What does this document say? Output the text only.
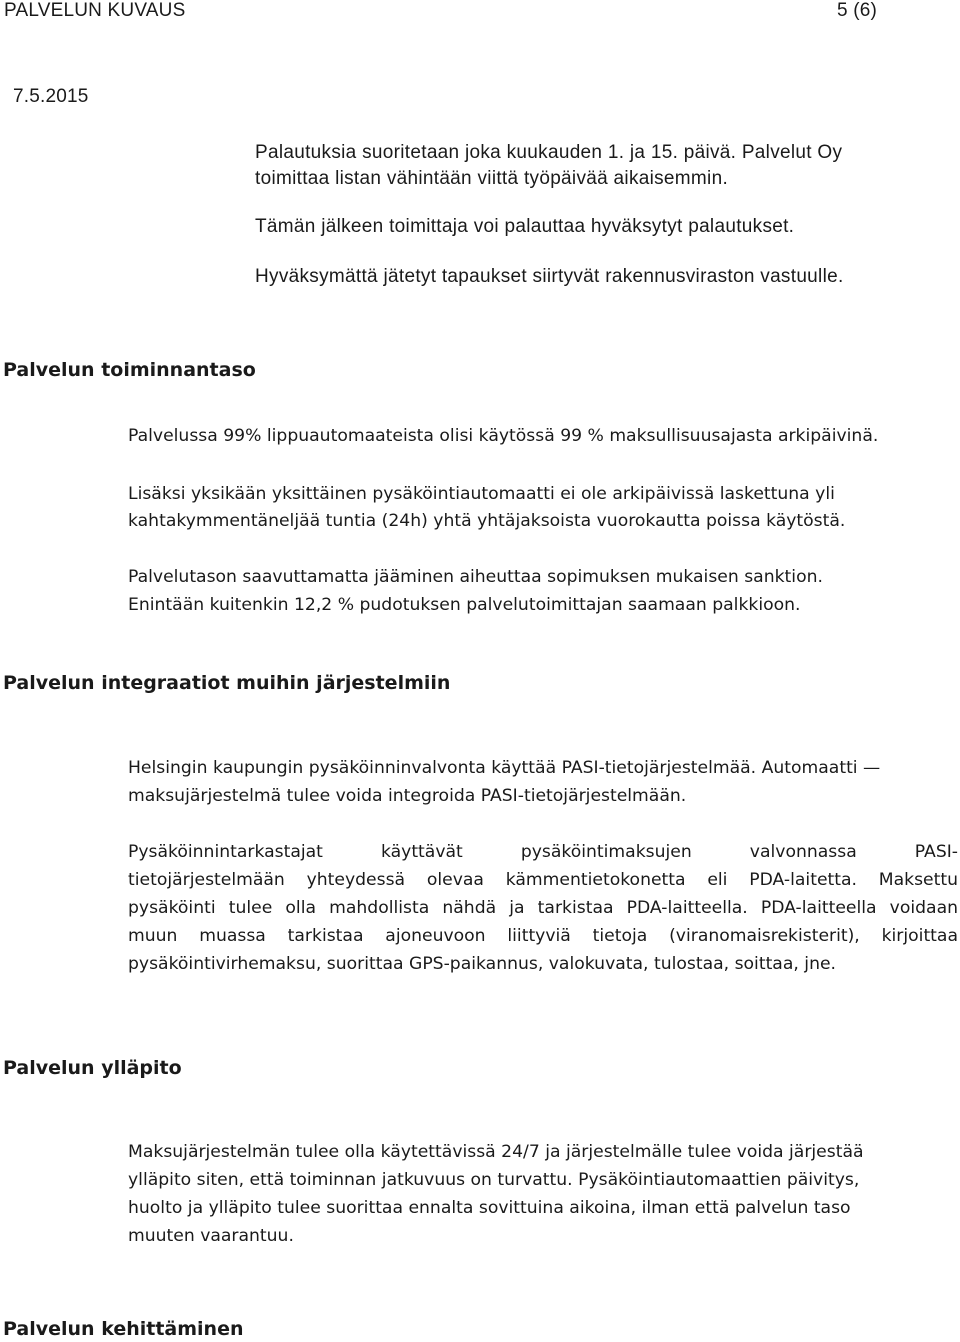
PALVELUN KUVAUS	5 (6)
7.5.2015
Palautuksia suoritetaan joka kuukauden 1. ja 15. päivä. Palvelut Oy
toimittaa listan vähintään viittä työpäivää aikaisemmin.
Tämän jälkeen toimittaja voi palauttaa hyväksytyt palautukset.
Hyväksymättä jätetyt tapaukset siirtyvät rakennusviraston vastuulle.
Palvelun toiminnantaso
Palvelussa 99% lippuautomaateista olisi käytössä 99 % maksullisuusajasta arkipäivinä.
Lisäksi yksikään yksittäinen pysäköintiautomaatti ei ole arkipäivissä laskettuna yli
kahtakymmentäneljää tuntia (24h) yhtä yhtäjaksoista vuorokautta poissa käytöstä.
Palvelutason saavuttamatta jääminen aiheuttaa sopimuksen mukaisen sanktion.
Enintään kuitenkin 12,2 % pudotuksen palvelutoimittajan saamaan palkkioon.
Palvelun integraatiot muihin järjestelmiin
Helsingin kaupungin pysäköinninvalvonta käyttää PASI-tietojärjestelmää. Automaatti —
maksujärjestelmä tulee voida integroida PASI-tietojärjestelmään.
Pysäköinnintarkastajat käyttävät pysäköintimaksujen valvonnassa PASI-
tietojärjestelmään yhteydessä olevaa kämmentietokonetta eli PDA-laitetta. Maksettu
pysäköinti tulee olla mahdollista nähdä ja tarkistaa PDA-laitteella. PDA-laitteella voidaan
muun muassa tarkistaa ajoneuvoon liittyviä tietoja (viranomaisrekisterit), kirjoittaa
pysäköintivirhemaksu, suorittaa GPS-paikannus, valokuvata, tulostaa, soittaa, jne.
Palvelun ylläpito
Maksujärjestelmän tulee olla käytettävissä 24/7 ja järjestelmälle tulee voida järjestää
ylläpito siten, että toiminnan jatkuvuus on turvattu. Pysäköintiautomaattien päivitys,
huolto ja ylläpito tulee suorittaa ennalta sovittuina aikoina, ilman että palvelun taso
muuten vaarantuu.
Palvelun kehittäminen
